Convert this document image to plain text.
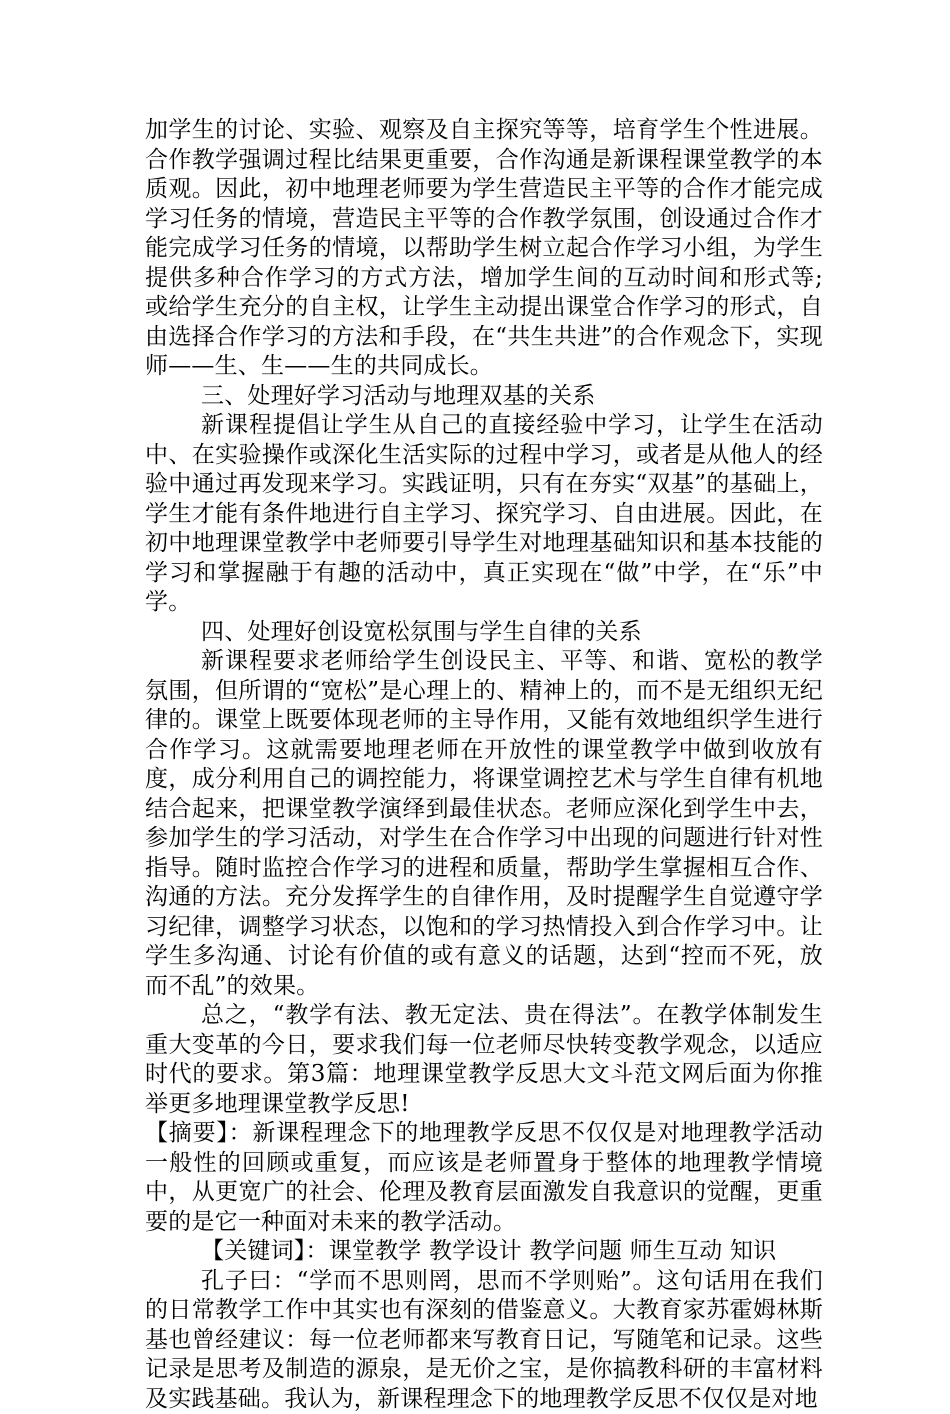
加学生的讨论、实验、观察及自主探究等等，培育学生个性进展。合作教学强调过程比结果更重要，合作沟通是新课程课堂教学的本质观。因此，初中地理老师要为学生营造民主平等的合作才能完成学习任务的情境，营造民主平等的合作教学氛围，创设通过合作才能完成学习任务的情境，以帮助学生树立起合作学习小组，为学生提供多种合作学习的方式方法，增加学生间的互动时间和形式等;或给学生充分的自主权，让学生主动提出课堂合作学习的形式，自由选择合作学习的方法和手段，在“共生共进”的合作观念下，实现师——生、生——生的共同成长。

三、处理好学习活动与地理双基的关系

新课程提倡让学生从自己的直接经验中学习，让学生在活动中、在实验操作或深化生活实际的过程中学习，或者是从他人的经验中通过再发现来学习。实践证明，只有在夯实“双基”的基础上，学生才能有条件地进行自主学习、探究学习、自由进展。因此，在初中地理课堂教学中老师要引导学生对地理基础知识和基本技能的学习和掌握融于有趣的活动中，真正实现在“做”中学，在“乐”中学。

四、处理好创设宽松氛围与学生自律的关系

新课程要求老师给学生创设民主、平等、和谐、宽松的教学氛围，但所谓的“宽松”是心理上的、精神上的，而不是无组织无纪律的。课堂上既要体现老师的主导作用，又能有效地组织学生进行合作学习。这就需要地理老师在开放性的课堂教学中做到收放有度，成分利用自己的调控能力，将课堂调控艺术与学生自律有机地结合起来，把课堂教学演绎到最佳状态。老师应深化到学生中去，参加学生的学习活动，对学生在合作学习中出现的问题进行针对性指导。随时监控合作学习的进程和质量，帮助学生掌握相互合作、沟通的方法。充分发挥学生的自律作用，及时提醒学生自觉遵守学习纪律，调整学习状态，以饱和的学习热情投入到合作学习中。让学生多沟通、讨论有价值的或有意义的话题，达到“控而不死，放而不乱”的效果。

总之，“教学有法、教无定法、贵在得法”。在教学体制发生重大变革的今日，要求我们每一位老师尽快转变教学观念，以适应时代的要求。第3篇：地理课堂教学反思大文斗范文网后面为你推举更多地理课堂教学反思!

【摘要】：新课程理念下的地理教学反思不仅仅是对地理教学活动一般性的回顾或重复，而应该是老师置身于整体的地理教学情境中，从更宽广的社会、伦理及教育层面激发自我意识的觉醒，更重要的是它一种面对未来的教学活动。

【关键词】：课堂教学 教学设计 教学问题 师生互动 知识

孔子曰：“学而不思则罔，思而不学则贻”。这句话用在我们的日常教学工作中其实也有深刻的借鉴意义。大教育家苏霍姆林斯基也曾经建议：每一位老师都来写教育日记，写随笔和记录。这些记录是思考及制造的源泉，是无价之宝，是你搞教科研的丰富材料及实践基础。我认为，新课程理念下的地理教学反思不仅仅是对地
